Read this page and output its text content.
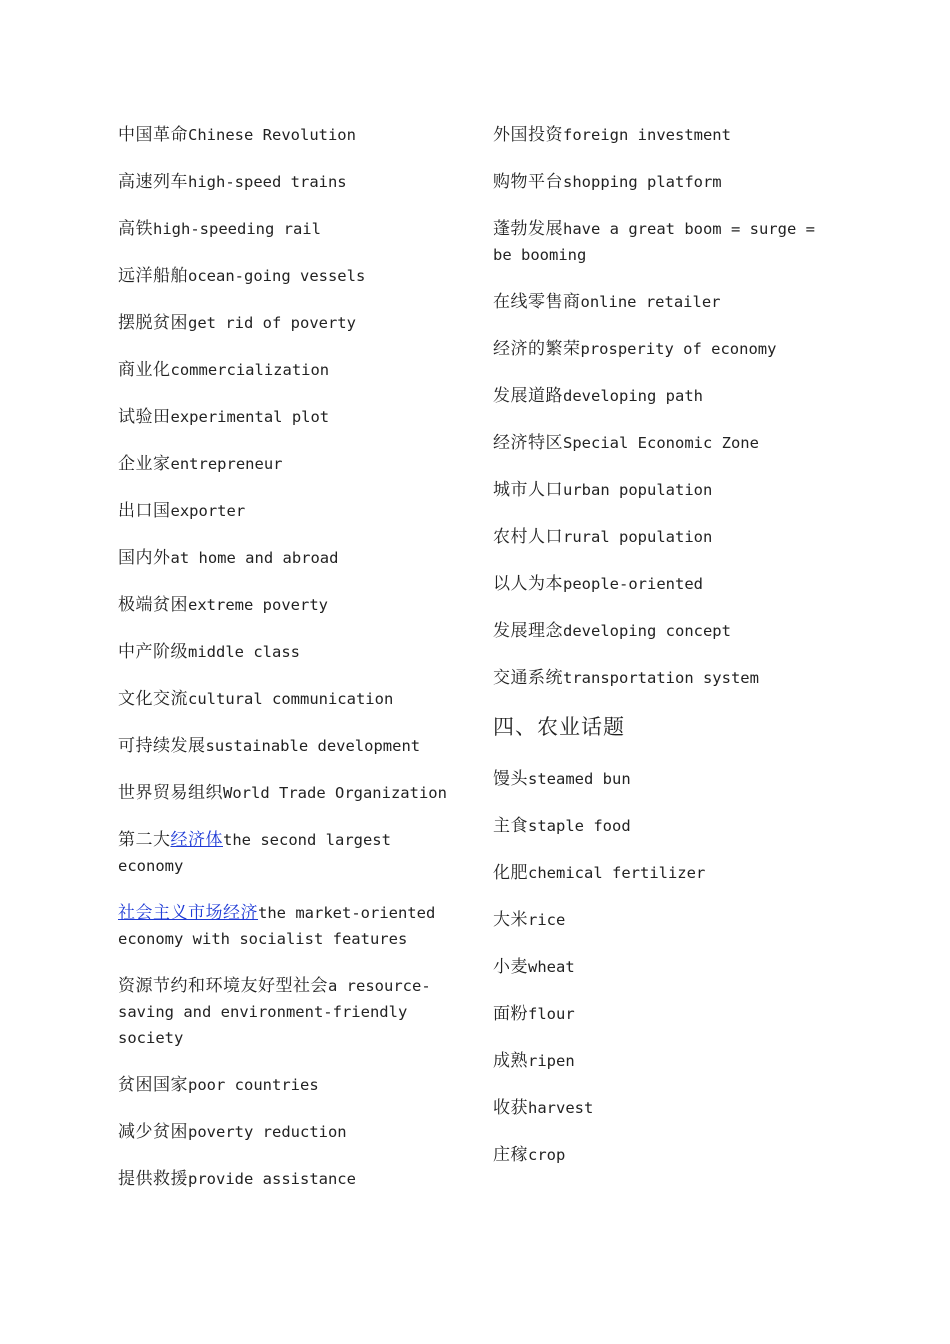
中国革命Chinese Revolution
高速列车high-speed trains
高铁high-speeding rail
远洋船舶ocean-going vessels
摆脱贫困get rid of poverty
商业化commercialization
试验田experimental plot
企业家entrepreneur
出口国exporter
国内外at home and abroad
极端贫困extreme poverty
中产阶级middle class
文化交流cultural communication
可持续发展sustainable development
世界贸易组织World Trade Organization
第二大经济体the second largest economy
社会主义市场经济the market-oriented economy with socialist features
资源节约和环境友好型社会a resource-saving and environment-friendly society
贫困国家poor countries
减少贫困poverty reduction
提供救援provide assistance
外国投资foreign investment
购物平台shopping platform
蓬勃发展have a great boom = surge = be booming
在线零售商online retailer
经济的繁荣prosperity of economy
发展道路developing path
经济特区Special Economic Zone
城市人口urban population
农村人口rural population
以人为本people-oriented
发展理念developing concept
交通系统transportation system
四、农业话题
馒头steamed bun
主食staple food
化肥chemical fertilizer
大米rice
小麦wheat
面粉flour
成熟ripen
收获harvest
庄稼crop
